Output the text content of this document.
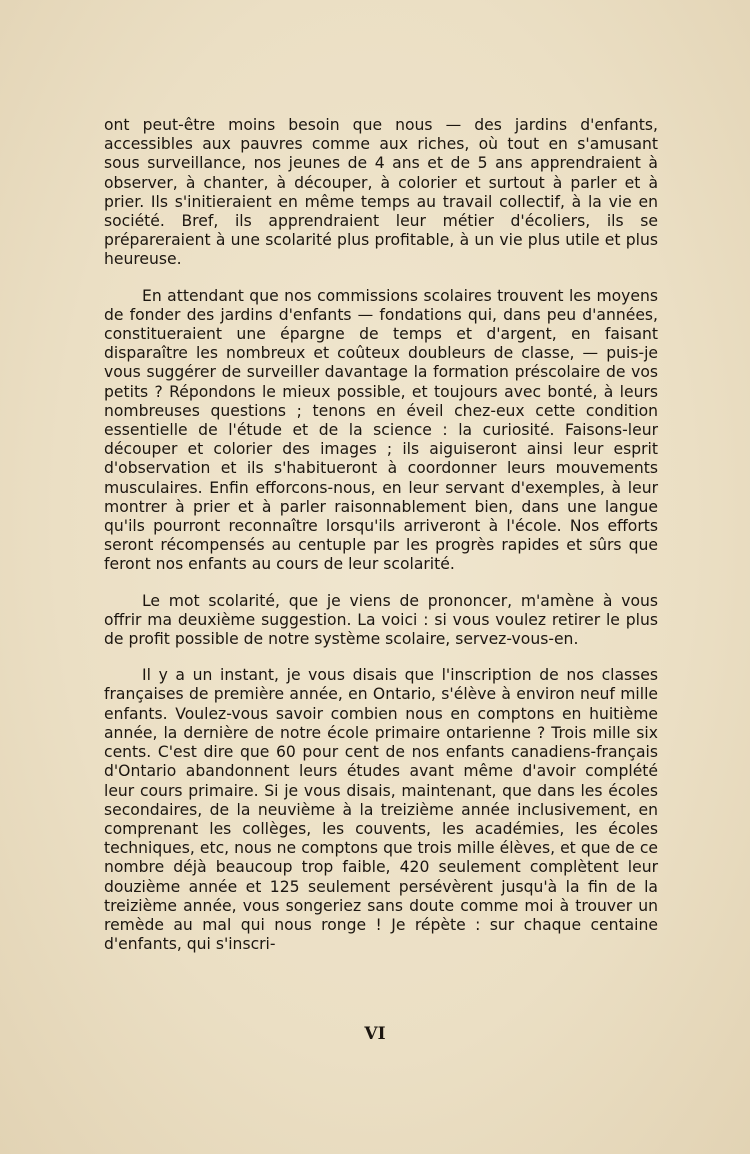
ont peut-être moins besoin que nous — des jardins d'enfants, accessibles aux pauvres comme aux riches, où tout en s'amusant sous surveillance, nos jeunes de 4 ans et de 5 ans apprendraient à observer, à chanter, à découper, à colorier et surtout à parler et à prier. Ils s'initieraient en même temps au travail collectif, à la vie en société. Bref, ils apprendraient leur métier d'écoliers, ils se prépareraient à une scolarité plus profitable, à un vie plus utile et plus heureuse.

En attendant que nos commissions scolaires trouvent les moyens de fonder des jardins d'enfants — fondations qui, dans peu d'années, constitueraient une épargne de temps et d'argent, en faisant disparaître les nombreux et coûteux doubleurs de classe, — puis-je vous suggérer de surveiller davantage la formation préscolaire de vos petits ? Répondons le mieux possible, et toujours avec bonté, à leurs nombreuses questions ; tenons en éveil chez-eux cette condition essentielle de l'étude et de la science : la curiosité. Faisons-leur découper et colorier des images ; ils aiguiseront ainsi leur esprit d'observation et ils s'habitueront à coordonner leurs mouvements musculaires. Enfin efforcons-nous, en leur servant d'exemples, à leur montrer à prier et à parler raisonnablement bien, dans une langue qu'ils pourront reconnaître lorsqu'ils arriveront à l'école. Nos efforts seront récompensés au centuple par les progrès rapides et sûrs que feront nos enfants au cours de leur scolarité.

Le mot scolarité, que je viens de prononcer, m'amène à vous offrir ma deuxième suggestion. La voici : si vous voulez retirer le plus de profit possible de notre système scolaire, servez-vous-en.

Il y a un instant, je vous disais que l'inscription de nos classes françaises de première année, en Ontario, s'élève à environ neuf mille enfants. Voulez-vous savoir combien nous en comptons en huitième année, la dernière de notre école primaire ontarienne ? Trois mille six cents. C'est dire que 60 pour cent de nos enfants canadiens-français d'Ontario abandonnent leurs études avant même d'avoir complété leur cours primaire. Si je vous disais, maintenant, que dans les écoles secondaires, de la neuvième à la treizième année inclusivement, en comprenant les collèges, les couvents, les académies, les écoles techniques, etc, nous ne comptons que trois mille élèves, et que de ce nombre déjà beaucoup trop faible, 420 seulement complètent leur douzième année et 125 seulement persévèrent jusqu'à la fin de la treizième année, vous songeriez sans doute comme moi à trouver un remède au mal qui nous ronge ! Je répète : sur chaque centaine d'enfants, qui s'inscri-

VI
